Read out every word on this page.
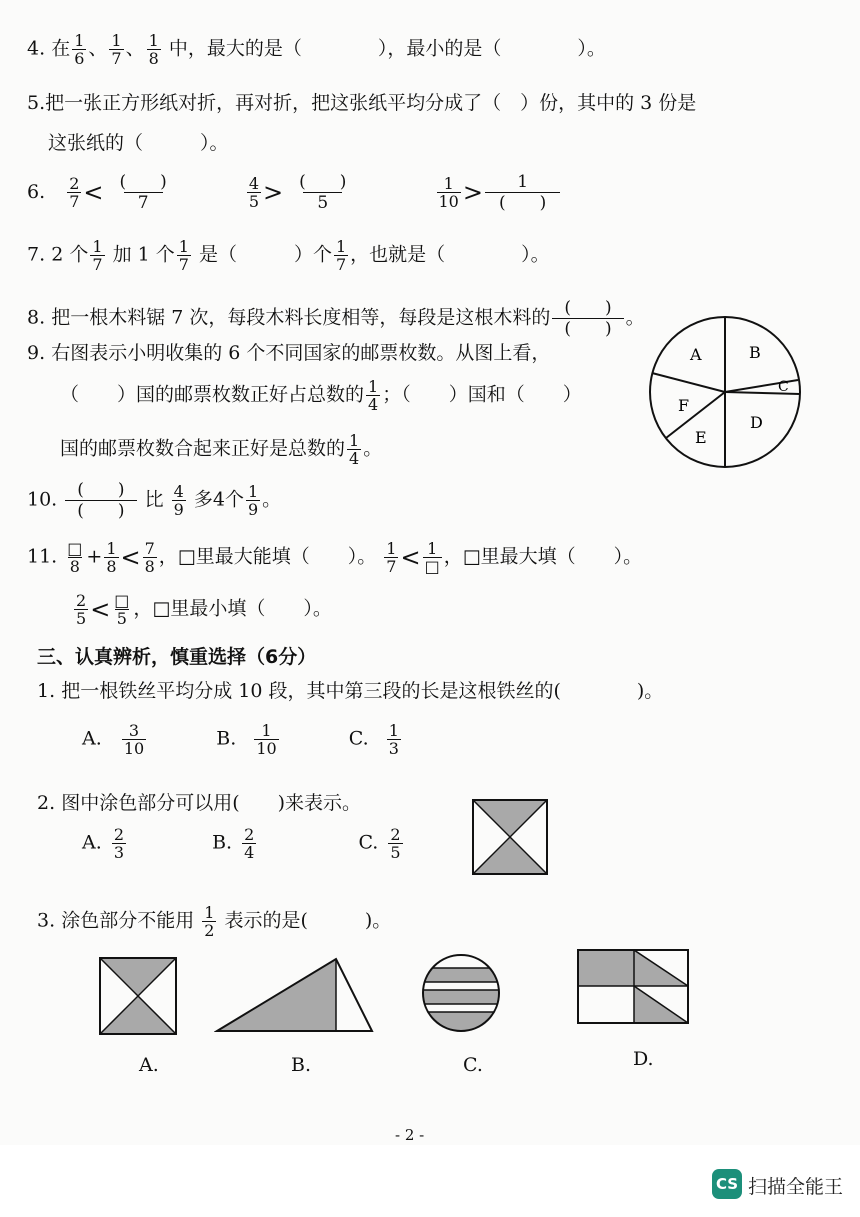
4. 在 $\frac{1}{6}$ 、 $\frac{1}{7}$ 、 $\frac{1}{8}$ 中，最大的是（　　　　），最小的是（　　　　）。
5.把一张正方形纸对折，再对折，把这张纸平均分成了（　）份，其中的 3 份是
这张纸的（　　　）。
6. $\frac{2}{7}$ < (　　)
7
	$\frac{4}{5}$ > (　　)
5
	$\frac{1}{10}$ >	1
(　　)
7. 2 个 $\frac{1}{7}$ 加 1 个 $\frac{1}{7}$ 是（　　　）个 $\frac{1}{7}$ ，也就是（　　　　）。
8. 把一根木料锯 7 次，每段木料长度相等，每段是这根木料的 (　　)
(　　)
。
9. 右图表示小明收集的 6 个不同国家的邮票枚数。从图上看，
（　　）国的邮票枚数正好占总数的 $\frac{1}{4}$ ；（　　）国和（　　）
国的邮票枚数合起来正好是总数的 $\frac{1}{4}$ 。
A	B
C
D
E
F
10.	(　　)
(　　)
比 $\frac{4}{9}$ 多4个 $\frac{1}{9}$ 。
11. $\frac{□}{8} + \frac{1}{8} < \frac{7}{8}$ ，□里最大能填（　　）。 $\frac{1}{7} < \frac{1}{□}$ ，□里最大填（　　）。
$\frac{2}{5} < \frac{□}{5}$ ，□里最小填（　　）。
三、认真辨析，慎重选择（6分）
1. 把一根铁丝平均分成 10 段，其中第三段的长是这根铁丝的(　　　　)。
A. $\frac{3}{10}$	B. $\frac{1}{10}$	C. $\frac{1}{3}$
2. 图中涂色部分可以用(　　)来表示。
A. $\frac{2}{3}$	B. $\frac{2}{4}$	C. $\frac{2}{5}$
3. 涂色部分不能用 $\frac{1}{2}$ 表示的是(　　　)。
A.	B.	C.	D.
- 2 -
CS 扫描全能王
